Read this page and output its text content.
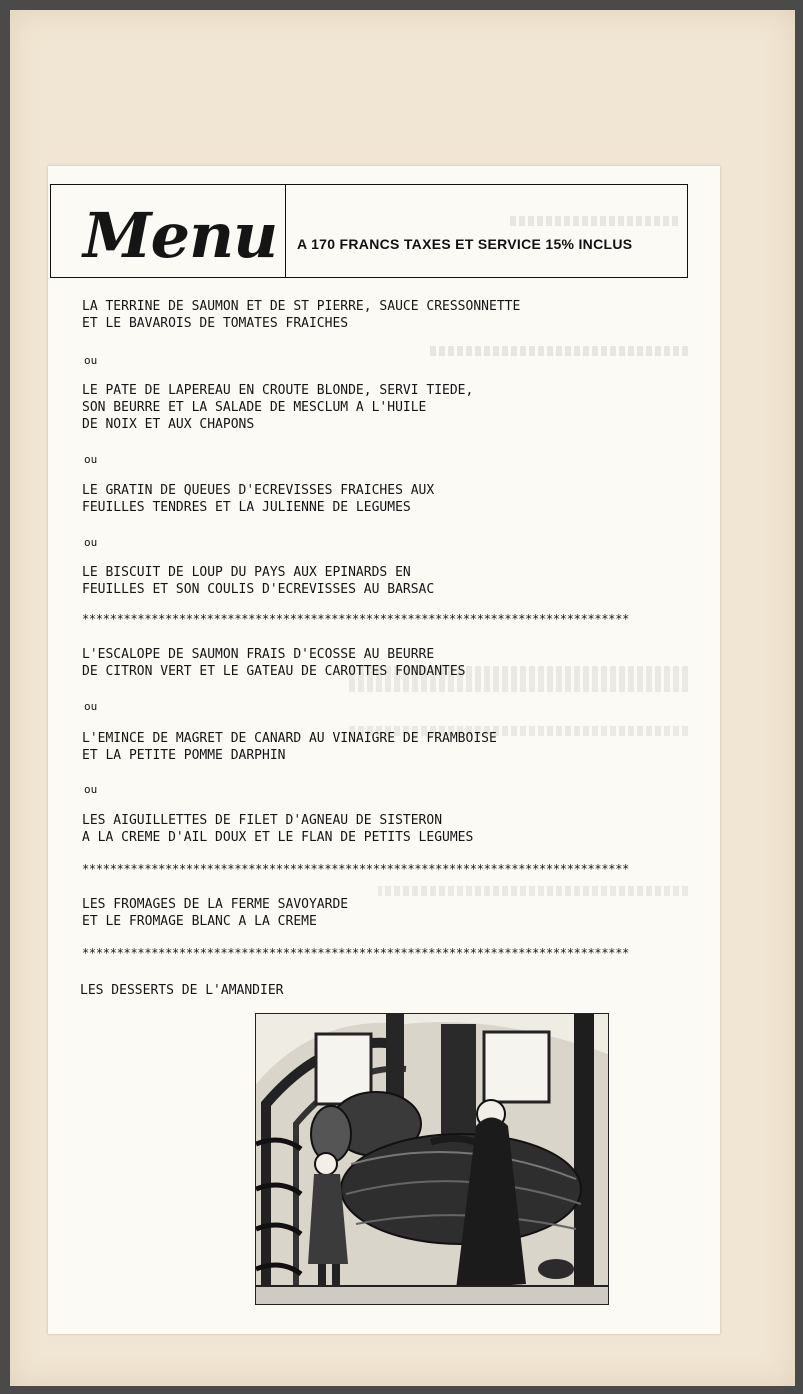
Menu A 170 FRANCS TAXES ET SERVICE 15% INCLUS
LA TERRINE DE SAUMON ET DE ST PIERRE, SAUCE CRESSONNETTE
ET LE BAVAROIS DE TOMATES FRAICHES
ou
LE PATE DE LAPEREAU EN CROUTE BLONDE, SERVI TIEDE,
SON BEURRE ET LA SALADE DE MESCLUM A L'HUILE
DE NOIX ET AUX CHAPONS
ou
LE GRATIN DE QUEUES D'ECREVISSES FRAICHES AUX
FEUILLES TENDRES ET LA JULIENNE DE LEGUMES
ou
LE BISCUIT DE LOUP DU PAYS AUX EPINARDS EN
FEUILLES ET SON COULIS D'ECREVISSES AU BARSAC
*******************************************************************************
L'ESCALOPE DE SAUMON FRAIS D'ECOSSE AU BEURRE
DE CITRON VERT ET LE GATEAU DE CAROTTES FONDANTES
ou
L'EMINCE DE MAGRET DE CANARD AU VINAIGRE DE FRAMBOISE
ET LA PETITE POMME DARPHIN
ou
LES AIGUILLETTES DE FILET D'AGNEAU DE SISTERON
A LA CREME D'AIL DOUX ET LE FLAN DE PETITS LEGUMES
*******************************************************************************
LES FROMAGES DE LA FERME SAVOYARDE
ET LE FROMAGE BLANC A LA CREME
*******************************************************************************
LES DESSERTS DE L'AMANDIER
